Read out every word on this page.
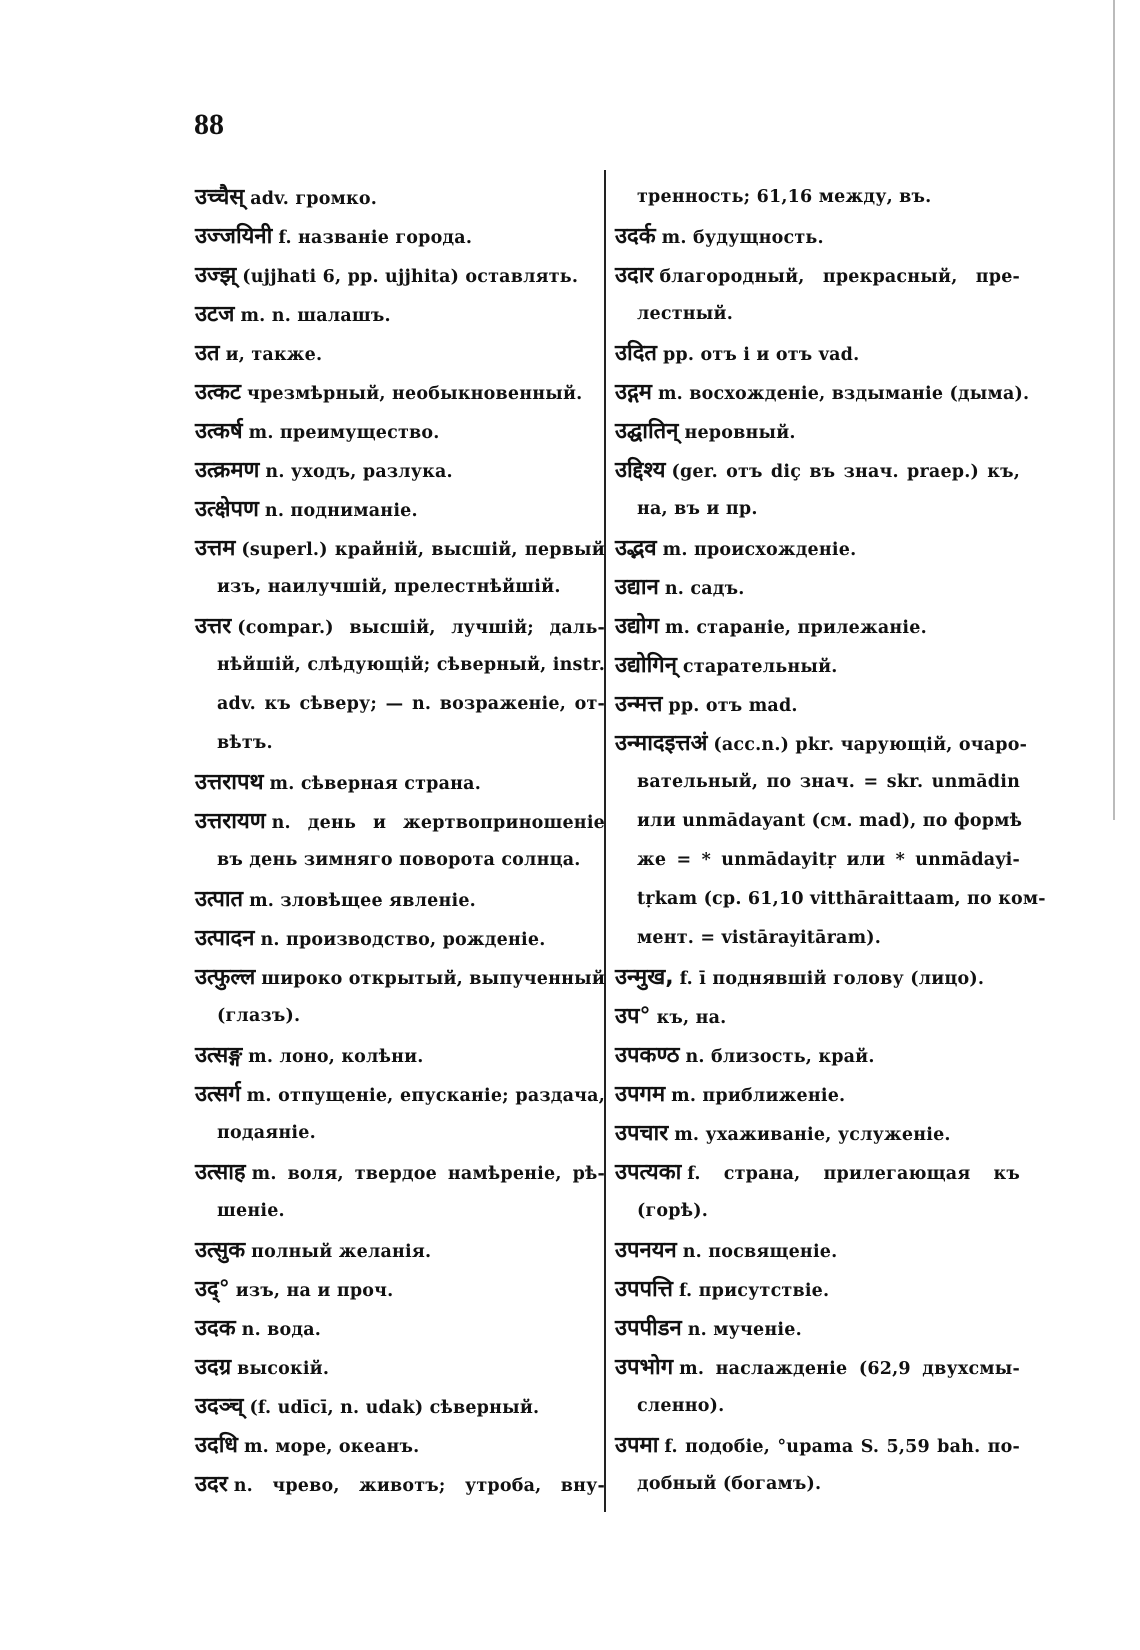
88
उच्चैस् adv. громко.
उज्जयिनी f. названіе города.
उज्झ् (ujjhati 6, pp. ujjhita) оставлять.
उटज m. n. шалашъ.
उत и, также.
उत्कट чрезмѣрный, необыкновенный.
उत्कर्ष m. преимущество.
उत्क्रमण n. уходъ, разлука.
उत्क्षेपण n. подниманіе.
उत्तम (superl.) крайній, высшій, первый
изъ, наилучшій, прелестнѣйшій.
उत्तर (compar.) высшій, лучшій; даль-
нѣйшій, слѣдующій; сѣверный, instr.
adv. къ сѣверу; — n. возраженіе, от-
вѣтъ.
उत्तरापथ m. сѣверная страна.
उत्तरायण n. день и жертвоприношеніе
въ день зимняго поворота солнца.
उत्पात m. зловѣщее явленіе.
उत्पादन n. производство, рожденіе.
उत्फुल्ल широко открытый, выпученный
(глазъ).
उत्सङ्ग m. лоно, колѣни.
उत्सर्ग m. отпущеніе, епусканіе; раздача,
подаяніе.
उत्साह m. воля, твердое намѣреніе, рѣ-
шеніе.
उत्सुक полный желанія.
उद्° изъ, на и проч.
उदक n. вода.
उदग्र высокій.
उदञ्च् (f. udīcī, n. udak) сѣверный.
उदधि m. море, океанъ.
उदर n. чрево, животъ; утроба, вну-
тренность; 61,16 между, въ.
उदर्क m. будущность.
उदार благородный, прекрасный, пре-
лестный.
उदित pp. отъ i и отъ vad.
उद्गम m. восхожденіе, вздыманіе (дыма).
उद्घातिन् неровный.
उद्दिश्य (ger. отъ diç въ знач. praep.) къ,
на, въ и пр.
उद्भव m. происхожденіе.
उद्यान n. садъ.
उद्योग m. стараніе, прилежаніе.
उद्योगिन् старательный.
उन्मत्त pp. отъ mad.
उन्मादइत्तअं (acc.n.) pkr. чарующій, очаро-
вательный, по знач. = skr. unmādin
или unmādayant (см. mad), по формѣ
же = * unmādayitṛ или * unmādayi-
tṛkam (ср. 61,10 vitthāraittaam, по ком-
мент. = vistārayitāram).
उन्मुख, f. ī поднявшій голову (лицо).
उप° къ, на.
उपकण्ठ n. близость, край.
उपगम m. приближеніе.
उपचार m. ухаживаніе, услуженіе.
उपत्यका f. страна, прилегающая къ
(горѣ).
उपनयन n. посвященіе.
उपपत्ति f. присутствіе.
उपपीडन n. мученіе.
उपभोग m. наслажденіе (62,9 двухсмы-
сленно).
उपमा f. подобіе, °upama S. 5,59 bah. по-
добный (богамъ).
